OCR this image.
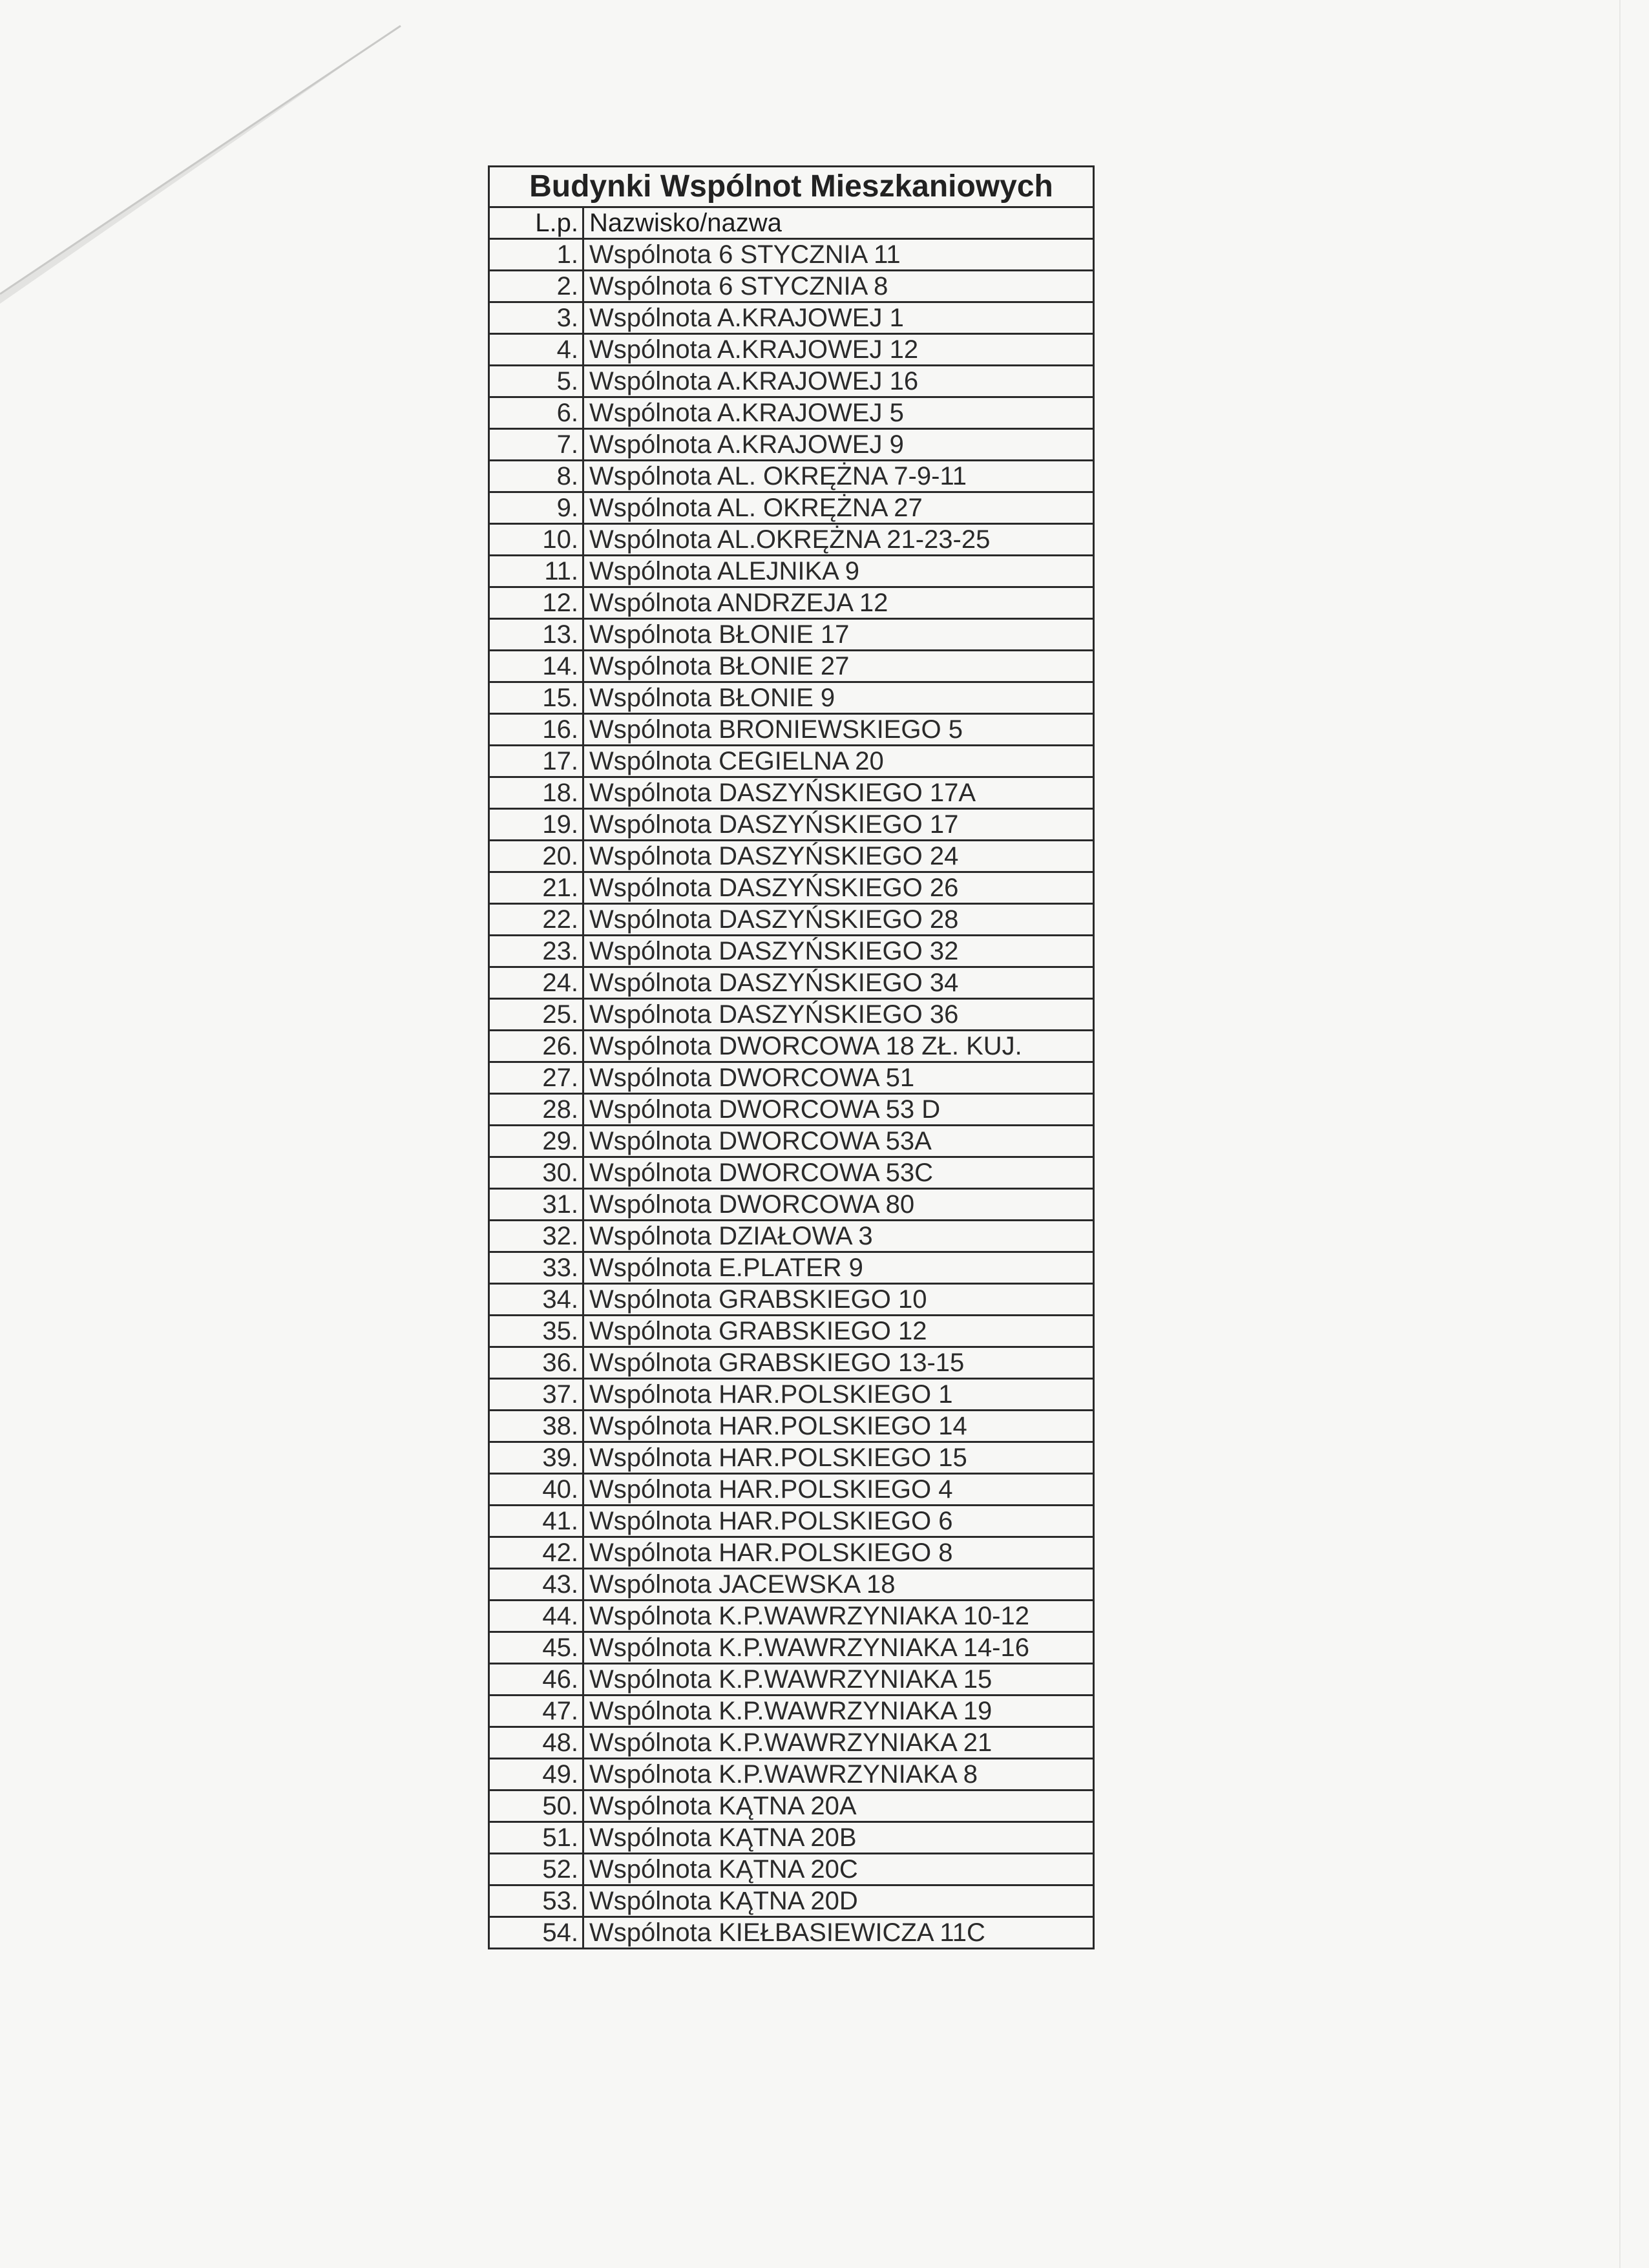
Budynki Wspólnot Mieszkaniowych	
L.p.	Nazwisko/nazwa
1.	Wspólnota 6 STYCZNIA 11
2.	Wspólnota 6 STYCZNIA 8
3.	Wspólnota A.KRAJOWEJ 1
4.	Wspólnota A.KRAJOWEJ 12
5.	Wspólnota A.KRAJOWEJ 16
6.	Wspólnota A.KRAJOWEJ 5
7.	Wspólnota A.KRAJOWEJ 9
8.	Wspólnota AL. OKRĘŻNA 7-9-11
9.	Wspólnota AL. OKRĘŻNA 27
10.	Wspólnota AL.OKRĘŻNA 21-23-25
11.	Wspólnota ALEJNIKA 9
12.	Wspólnota ANDRZEJA 12
13.	Wspólnota BŁONIE 17
14.	Wspólnota BŁONIE 27
15.	Wspólnota BŁONIE 9
16.	Wspólnota BRONIEWSKIEGO 5
17.	Wspólnota CEGIELNA 20
18.	Wspólnota DASZYŃSKIEGO 17A
19.	Wspólnota DASZYŃSKIEGO 17
20.	Wspólnota DASZYŃSKIEGO 24
21.	Wspólnota DASZYŃSKIEGO 26
22.	Wspólnota DASZYŃSKIEGO 28
23.	Wspólnota DASZYŃSKIEGO 32
24.	Wspólnota DASZYŃSKIEGO 34
25.	Wspólnota DASZYŃSKIEGO 36
26.	Wspólnota DWORCOWA 18 ZŁ. KUJ.
27.	Wspólnota DWORCOWA 51
28.	Wspólnota DWORCOWA 53 D
29.	Wspólnota DWORCOWA 53A
30.	Wspólnota DWORCOWA 53C
31.	Wspólnota DWORCOWA 80
32.	Wspólnota DZIAŁOWA 3
33.	Wspólnota E.PLATER 9
34.	Wspólnota GRABSKIEGO 10
35.	Wspólnota GRABSKIEGO 12
36.	Wspólnota GRABSKIEGO 13-15
37.	Wspólnota HAR.POLSKIEGO 1
38.	Wspólnota HAR.POLSKIEGO 14
39.	Wspólnota HAR.POLSKIEGO 15
40.	Wspólnota HAR.POLSKIEGO 4
41.	Wspólnota HAR.POLSKIEGO 6
42.	Wspólnota HAR.POLSKIEGO 8
43.	Wspólnota JACEWSKA 18
44.	Wspólnota K.P.WAWRZYNIAKA 10-12
45.	Wspólnota K.P.WAWRZYNIAKA 14-16
46.	Wspólnota K.P.WAWRZYNIAKA 15
47.	Wspólnota K.P.WAWRZYNIAKA 19
48.	Wspólnota K.P.WAWRZYNIAKA 21
49.	Wspólnota K.P.WAWRZYNIAKA 8
50.	Wspólnota KĄTNA 20A
51.	Wspólnota KĄTNA 20B
52.	Wspólnota KĄTNA 20C
53.	Wspólnota KĄTNA 20D
54.	Wspólnota KIEŁBASIEWICZA 11C
